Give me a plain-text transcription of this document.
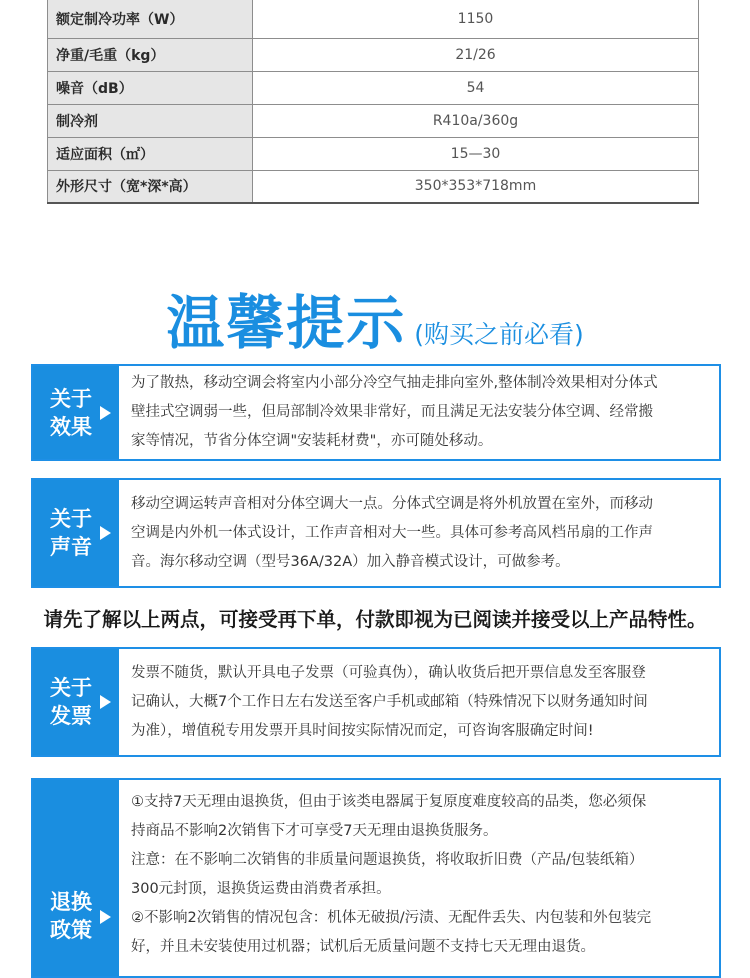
额定制冷功率（W）	1150
净重/毛重（kg）	21/26
噪音（dB）	54
制冷剂	R410a/360g
适应面积（㎡）	15—30
外形尺寸（宽*深*高）	350*353*718mm
温馨提示 (购买之前必看)
关于
效果

为了散热，移动空调会将室内小部分冷空气抽走排向室外,整体制冷效果相对分体式
壁挂式空调弱一些，但局部制冷效果非常好，而且满足无法安装分体空调、经常搬
家等情况，节省分体空调"安装耗材费"，亦可随处移动。

关于
声音

移动空调运转声音相对分体空调大一点。分体式空调是将外机放置在室外，而移动
空调是内外机一体式设计，工作声音相对大一些。具体可参考高风档吊扇的工作声
音。海尔移动空调（型号36A/32A）加入静音模式设计，可做参考。

请先了解以上两点，可接受再下单，付款即视为已阅读并接受以上产品特性。
关于
发票

发票不随货，默认开具电子发票（可验真伪），确认收货后把开票信息发至客服登
记确认，大概7个工作日左右发送至客户手机或邮箱（特殊情况下以财务通知时间
为准），增值税专用发票开具时间按实际情况而定，可咨询客服确定时间!

退换
政策

①支持7天无理由退换货，但由于该类电器属于复原度难度较高的品类，您必须保
持商品不影响2次销售下才可享受7天无理由退换货服务。
注意：在不影响二次销售的非质量问题退换货，将收取折旧费（产品/包装纸箱）
300元封顶，退换货运费由消费者承担。
②不影响2次销售的情况包含：机体无破损/污渍、无配件丢失、内包装和外包装完
好，并且未安装使用过机器；试机后无质量问题不支持七天无理由退货。
